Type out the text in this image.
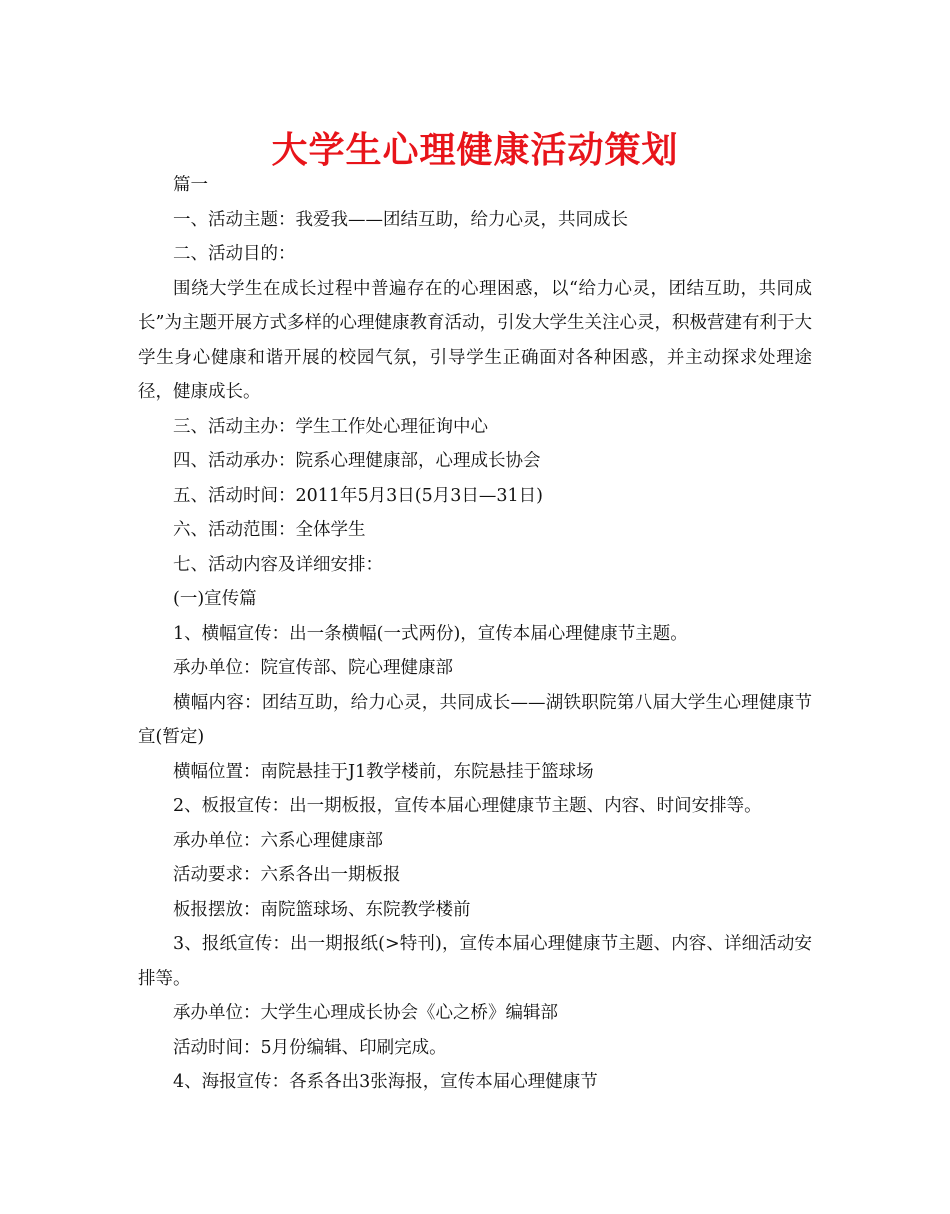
大学生心理健康活动策划

篇一

一、活动主题：我爱我——团结互助，给力心灵，共同成长

二、活动目的：

围绕大学生在成长过程中普遍存在的心理困惑，以“给力心灵，团结互助，共同成长”为主题开展方式多样的心理健康教育活动，引发大学生关注心灵，积极营建有利于大学生身心健康和谐开展的校园气氛，引导学生正确面对各种困惑，并主动探求处理途径，健康成长。

三、活动主办：学生工作处心理征询中心

四、活动承办：院系心理健康部，心理成长协会

五、活动时间：2011年5月3日(5月3日—31日)

六、活动范围：全体学生

七、活动内容及详细安排：

(一)宣传篇

1、横幅宣传：出一条横幅(一式两份)，宣传本届心理健康节主题。

承办单位：院宣传部、院心理健康部

横幅内容：团结互助，给力心灵，共同成长——湖铁职院第八届大学生心理健康节宣(暂定)

横幅位置：南院悬挂于J1教学楼前，东院悬挂于篮球场

2、板报宣传：出一期板报，宣传本届心理健康节主题、内容、时间安排等。

承办单位：六系心理健康部

活动要求：六系各出一期板报

板报摆放：南院篮球场、东院教学楼前

3、报纸宣传：出一期报纸(>特刊)，宣传本届心理健康节主题、内容、详细活动安排等。

承办单位：大学生心理成长协会《心之桥》编辑部

活动时间：5月份编辑、印刷完成。

4、海报宣传：各系各出3张海报，宣传本届心理健康节
